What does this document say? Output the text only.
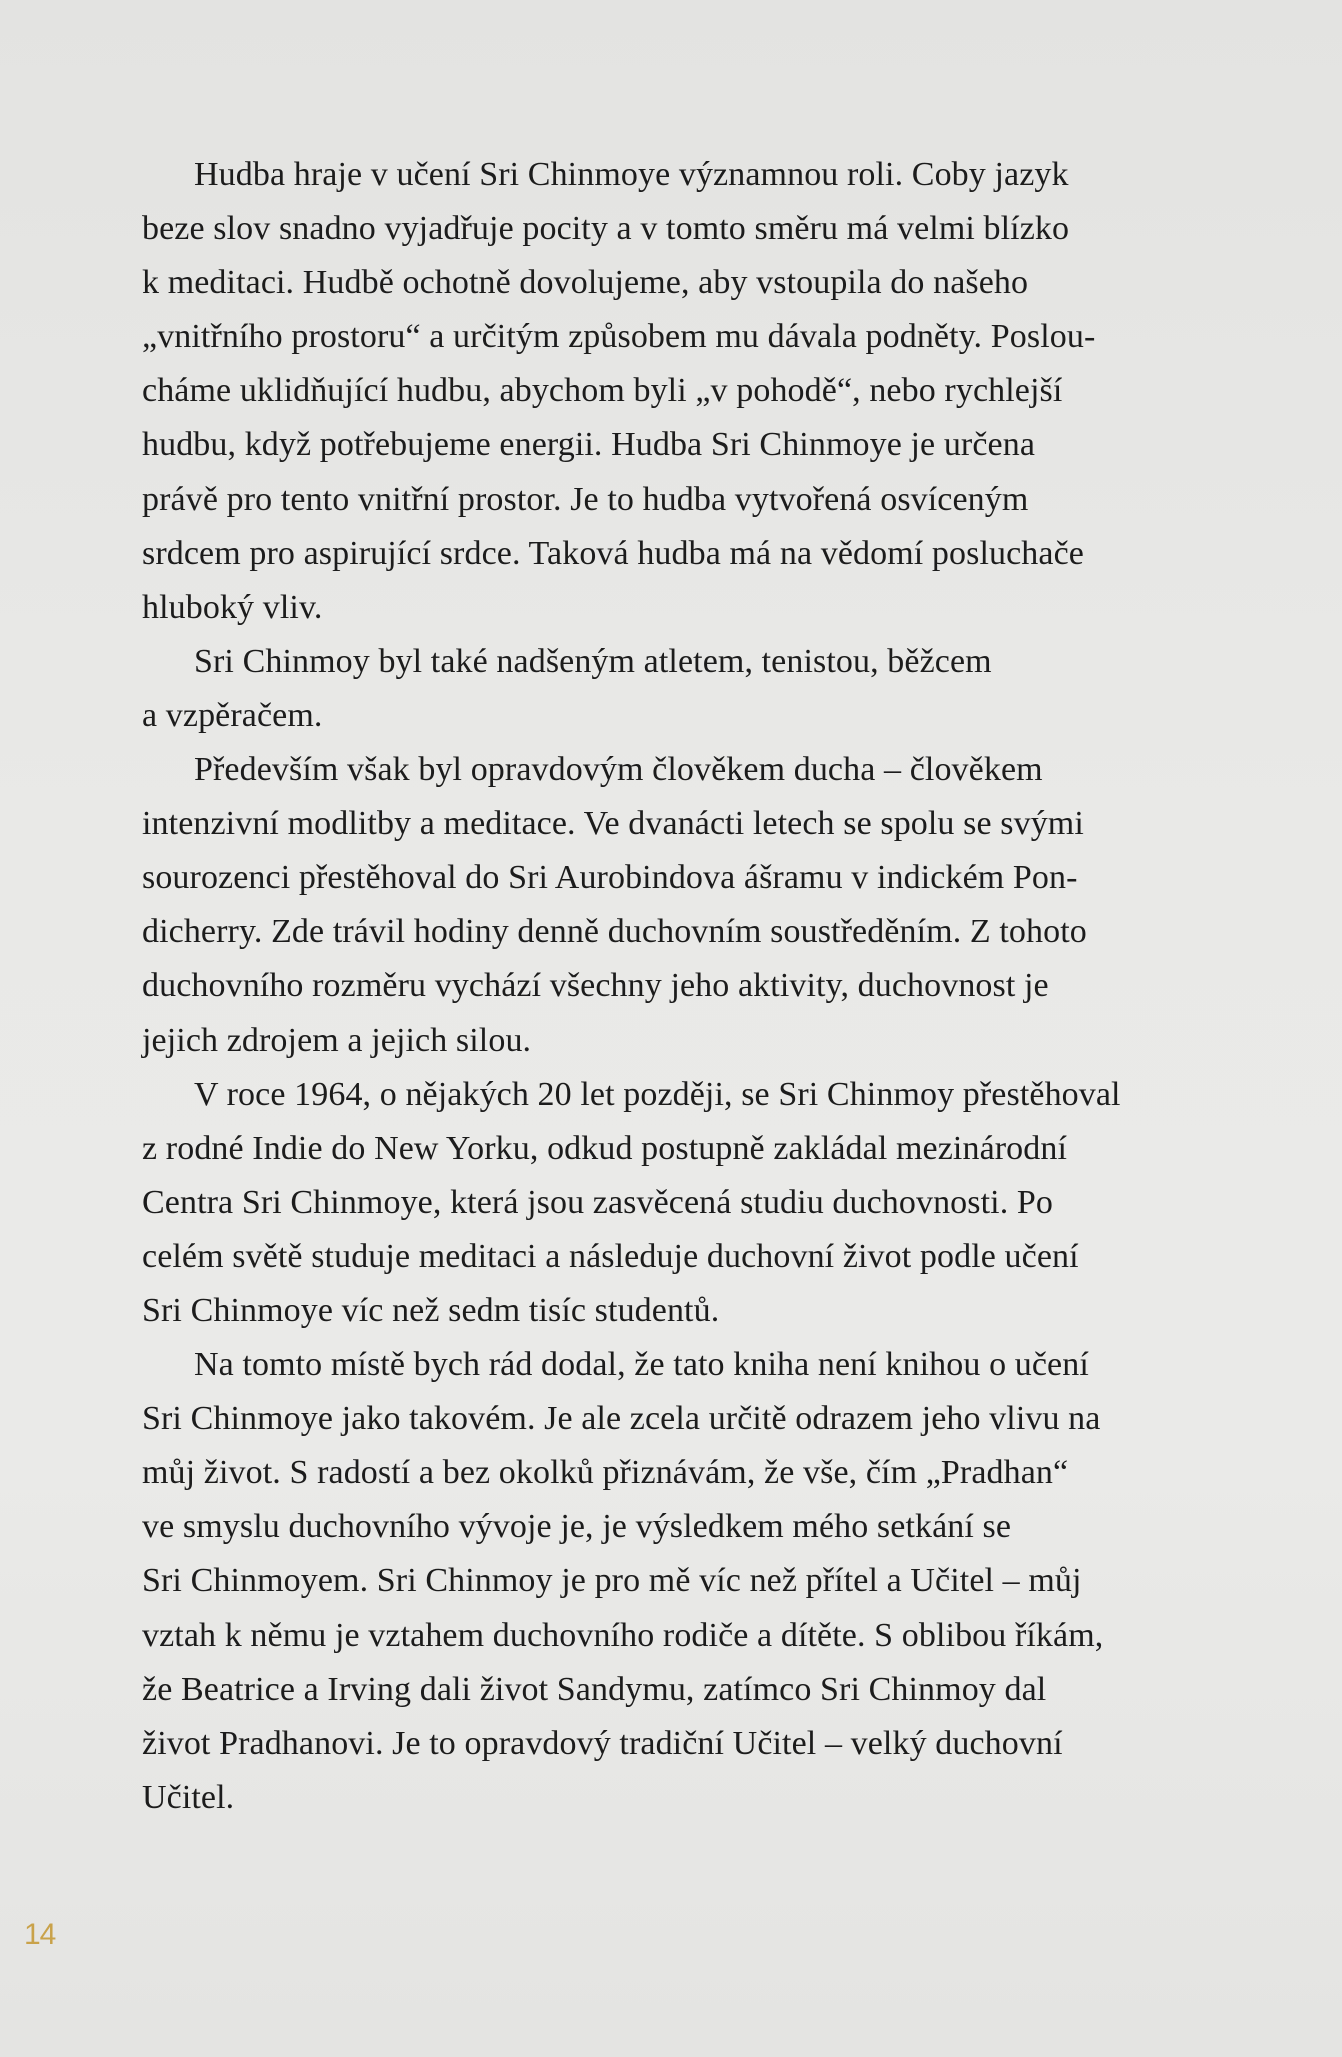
Hudba hraje v učení Sri Chinmoye významnou roli. Coby jazyk
beze slov snadno vyjadřuje pocity a v tomto směru má velmi blízko
k meditaci. Hudbě ochotně dovolujeme, aby vstoupila do našeho
„vnitřního prostoru“ a určitým způsobem mu dávala podněty. Poslou-
cháme uklidňující hudbu, abychom byli „v pohodě“, nebo rychlejší
hudbu, když potřebujeme energii. Hudba Sri Chinmoye je určena
právě pro tento vnitřní prostor. Je to hudba vytvořená osvíceným
srdcem pro aspirující srdce. Taková hudba má na vědomí posluchače
hluboký vliv.

Sri Chinmoy byl také nadšeným atletem, tenistou, běžcem
a vzpěračem.

Především však byl opravdovým člověkem ducha – člověkem
intenzivní modlitby a meditace. Ve dvanácti letech se spolu se svými
sourozenci přestěhoval do Sri Aurobindova ášramu v indickém Pon-
dicherry. Zde trávil hodiny denně duchovním soustředěním. Z tohoto
duchovního rozměru vychází všechny jeho aktivity, duchovnost je
jejich zdrojem a jejich silou.

V roce 1964, o nějakých 20 let později, se Sri Chinmoy přestěhoval
z rodné Indie do New Yorku, odkud postupně zakládal mezinárodní
Centra Sri Chinmoye, která jsou zasvěcená studiu duchovnosti. Po
celém světě studuje meditaci a následuje duchovní život podle učení
Sri Chinmoye víc než sedm tisíc studentů.

Na tomto místě bych rád dodal, že tato kniha není knihou o učení
Sri Chinmoye jako takovém. Je ale zcela určitě odrazem jeho vlivu na
můj život. S radostí a bez okolků přiznávám, že vše, čím „Pradhan“
ve smyslu duchovního vývoje je, je výsledkem mého setkání se
Sri Chinmoyem. Sri Chinmoy je pro mě víc než přítel a Učitel – můj
vztah k němu je vztahem duchovního rodiče a dítěte. S oblibou říkám,
že Beatrice a Irving dali život Sandymu, zatímco Sri Chinmoy dal
život Pradhanovi. Je to opravdový tradiční Učitel – velký duchovní
Učitel.

14
